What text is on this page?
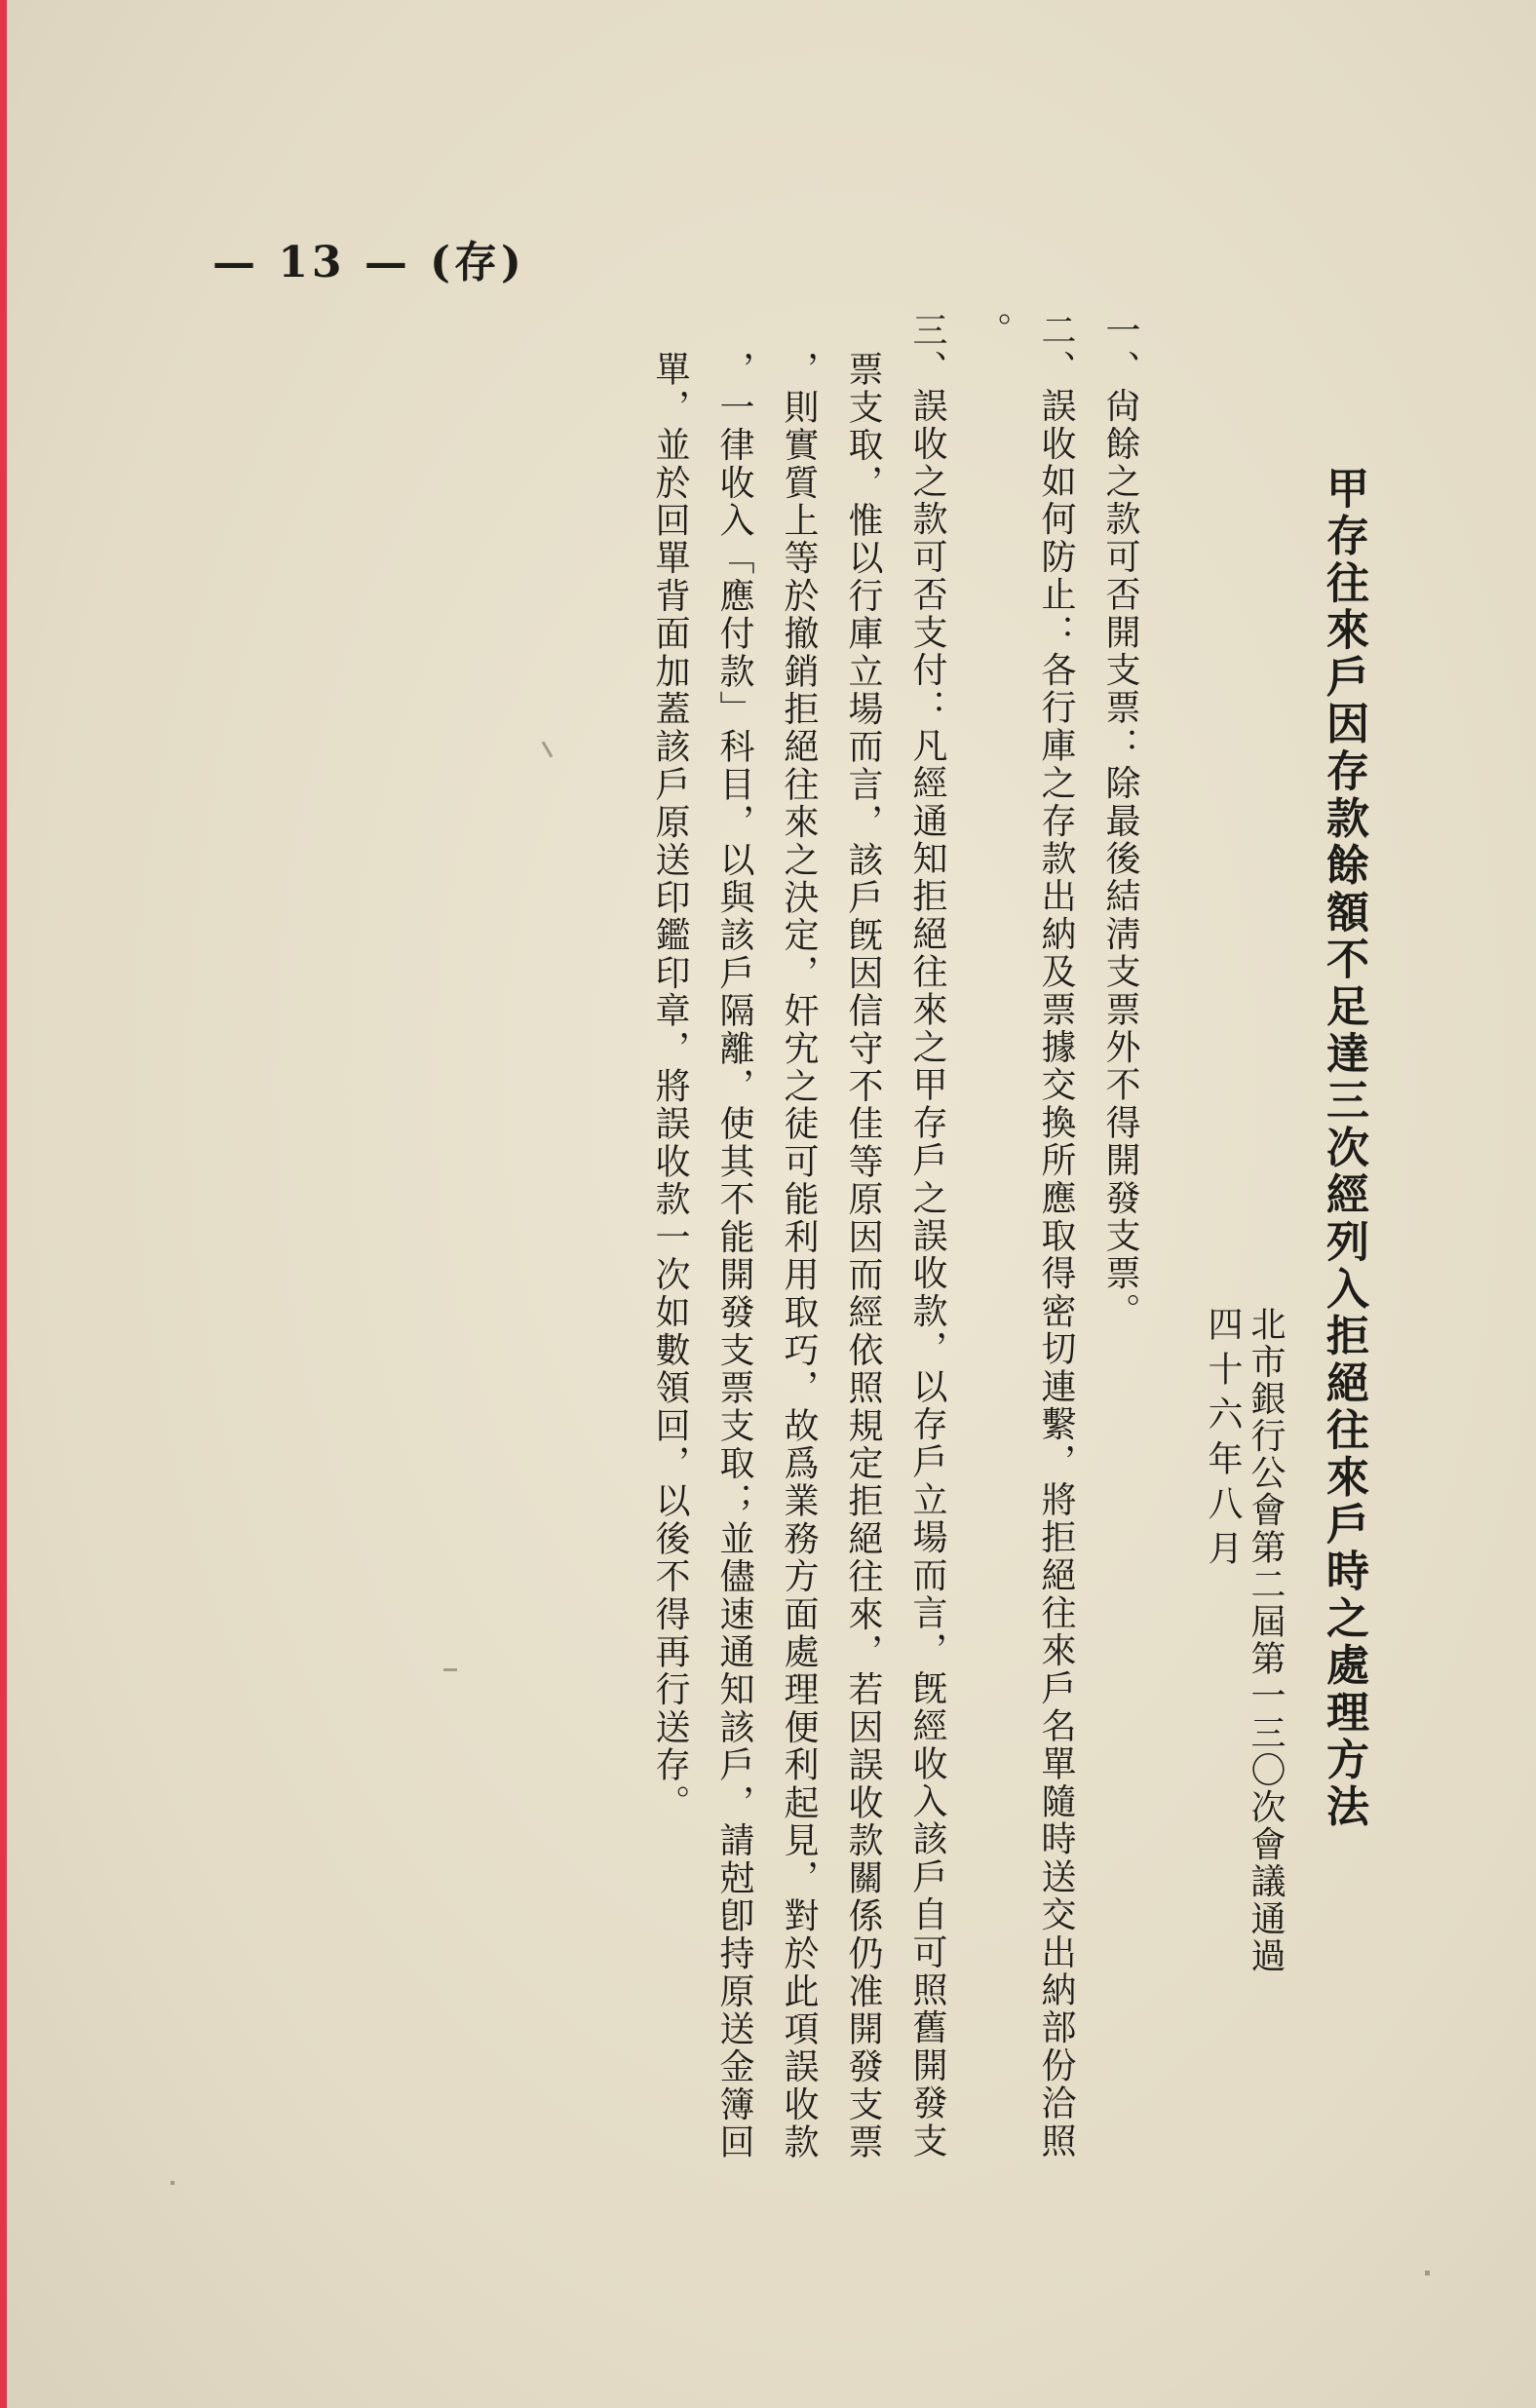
— 13 — (存)
甲存往來戶因存款餘額不足達三次經列入拒絕往來戶時之處理方法
北市銀行公會第二屆第一三〇次會議通過
四十六年八月

一、尙餘之款可否開支票：除最後結淸支票外不得開發支票。

二、誤收如何防止：各行庫之存款出納及票據交換所應取得密切連繫，將拒絕往來戶名單隨時送交出納部份洽照

。

三、誤收之款可否支付：凡經通知拒絕往來之甲存戶之誤收款，以存戶立場而言，旣經收入該戶自可照舊開發支

票支取，惟以行庫立場而言，該戶旣因信守不佳等原因而經依照規定拒絕往來，若因誤收款關係仍准開發支票

，則實質上等於撤銷拒絕往來之決定，奸宄之徒可能利用取巧，故爲業務方面處理便利起見，對於此項誤收款

，一律收入「應付款」科目，以與該戶隔離，使其不能開發支票支取；並儘速通知該戶，請尅卽持原送金簿回

單，並於回單背面加蓋該戶原送印鑑印章，將誤收款一次如數領回，以後不得再行送存。
